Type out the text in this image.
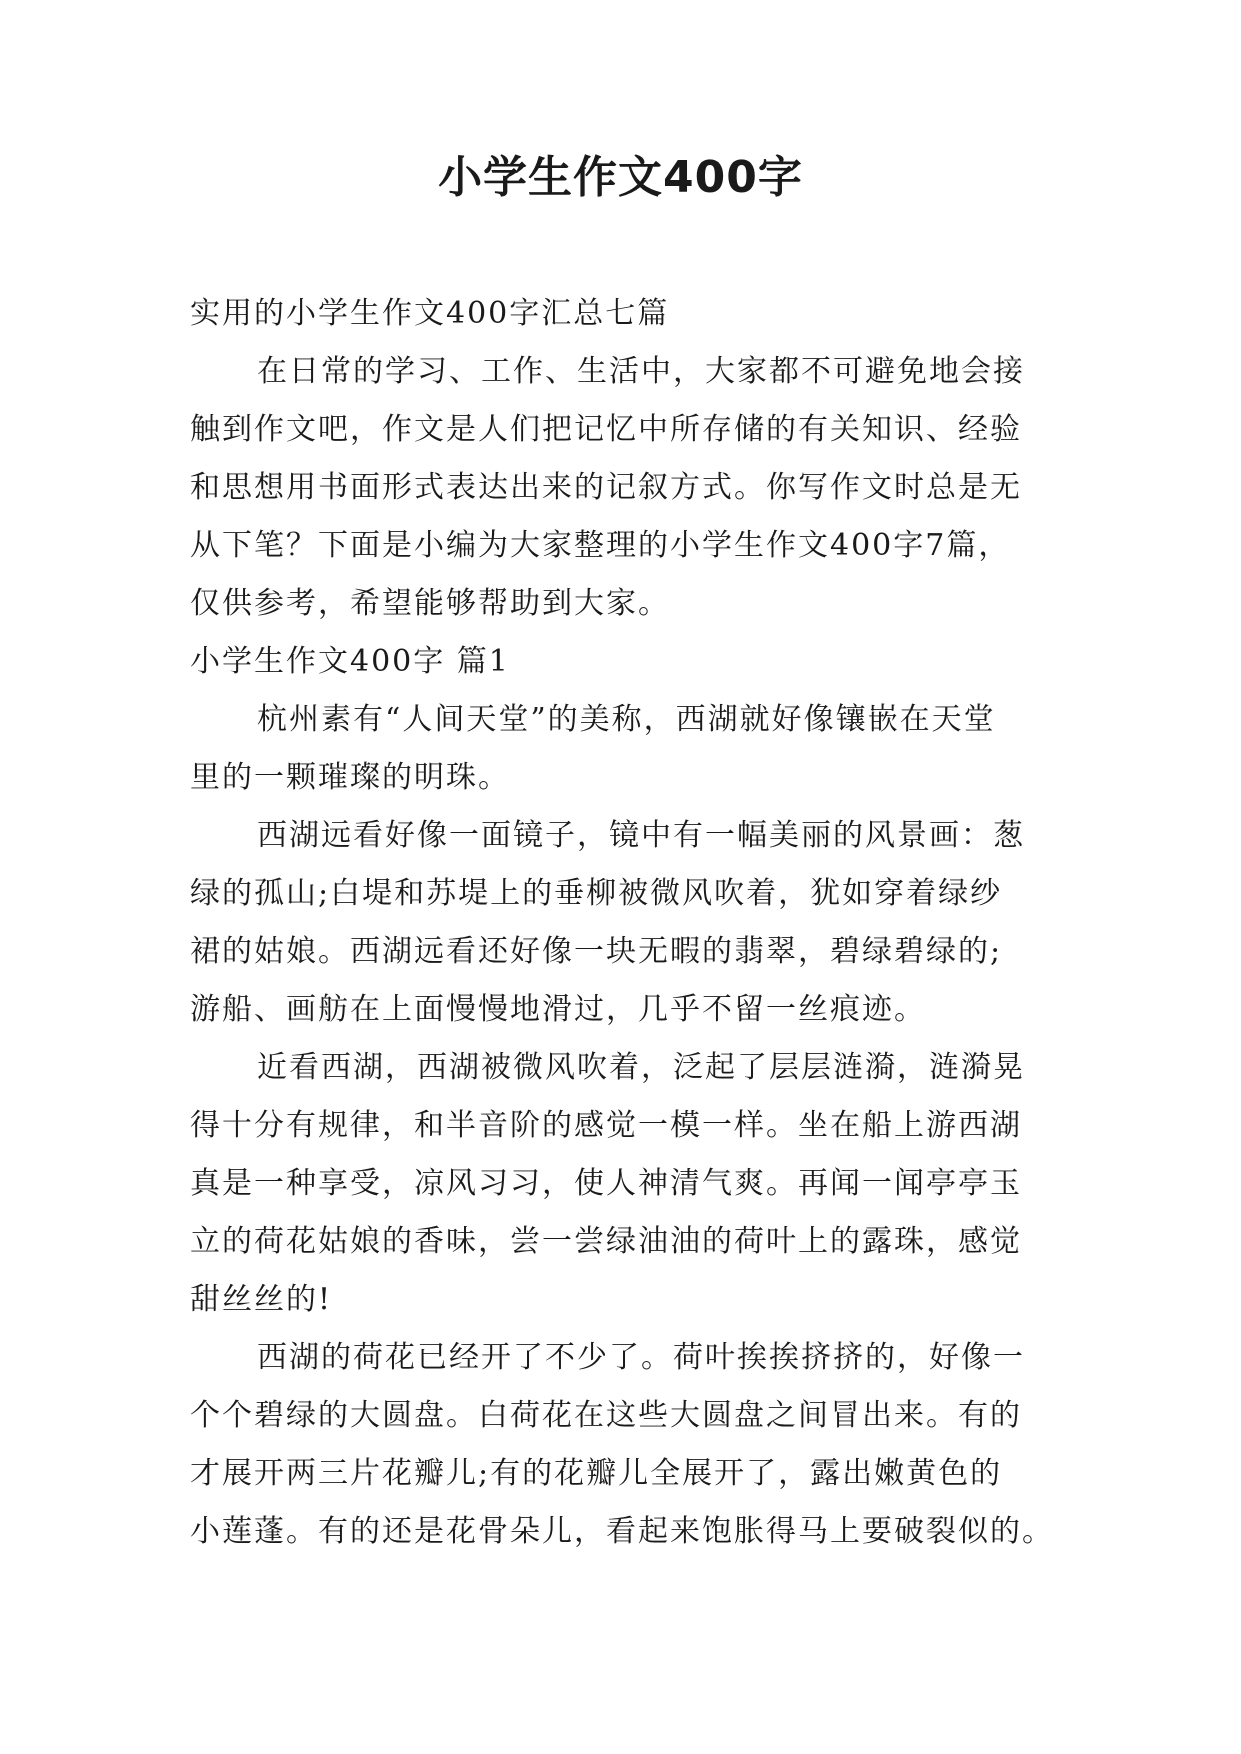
小学生作文400字

实用的小学生作文400字汇总七篇

在日常的学习、工作、生活中，大家都不可避免地会接

触到作文吧，作文是人们把记忆中所存储的有关知识、经验

和思想用书面形式表达出来的记叙方式。你写作文时总是无

从下笔？下面是小编为大家整理的小学生作文400字7篇，

仅供参考，希望能够帮助到大家。

小学生作文400字 篇1

杭州素有“人间天堂”的美称，西湖就好像镶嵌在天堂

里的一颗璀璨的明珠。

西湖远看好像一面镜子，镜中有一幅美丽的风景画：葱

绿的孤山;白堤和苏堤上的垂柳被微风吹着，犹如穿着绿纱

裙的姑娘。西湖远看还好像一块无暇的翡翠，碧绿碧绿的;

游船、画舫在上面慢慢地滑过，几乎不留一丝痕迹。

近看西湖，西湖被微风吹着，泛起了层层涟漪，涟漪晃

得十分有规律，和半音阶的感觉一模一样。坐在船上游西湖

真是一种享受，凉风习习，使人神清气爽。再闻一闻亭亭玉

立的荷花姑娘的香味，尝一尝绿油油的荷叶上的露珠，感觉

甜丝丝的!

西湖的荷花已经开了不少了。荷叶挨挨挤挤的，好像一

个个碧绿的大圆盘。白荷花在这些大圆盘之间冒出来。有的

才展开两三片花瓣儿;有的花瓣儿全展开了，露出嫩黄色的

小莲蓬。有的还是花骨朵儿，看起来饱胀得马上要破裂似的。
